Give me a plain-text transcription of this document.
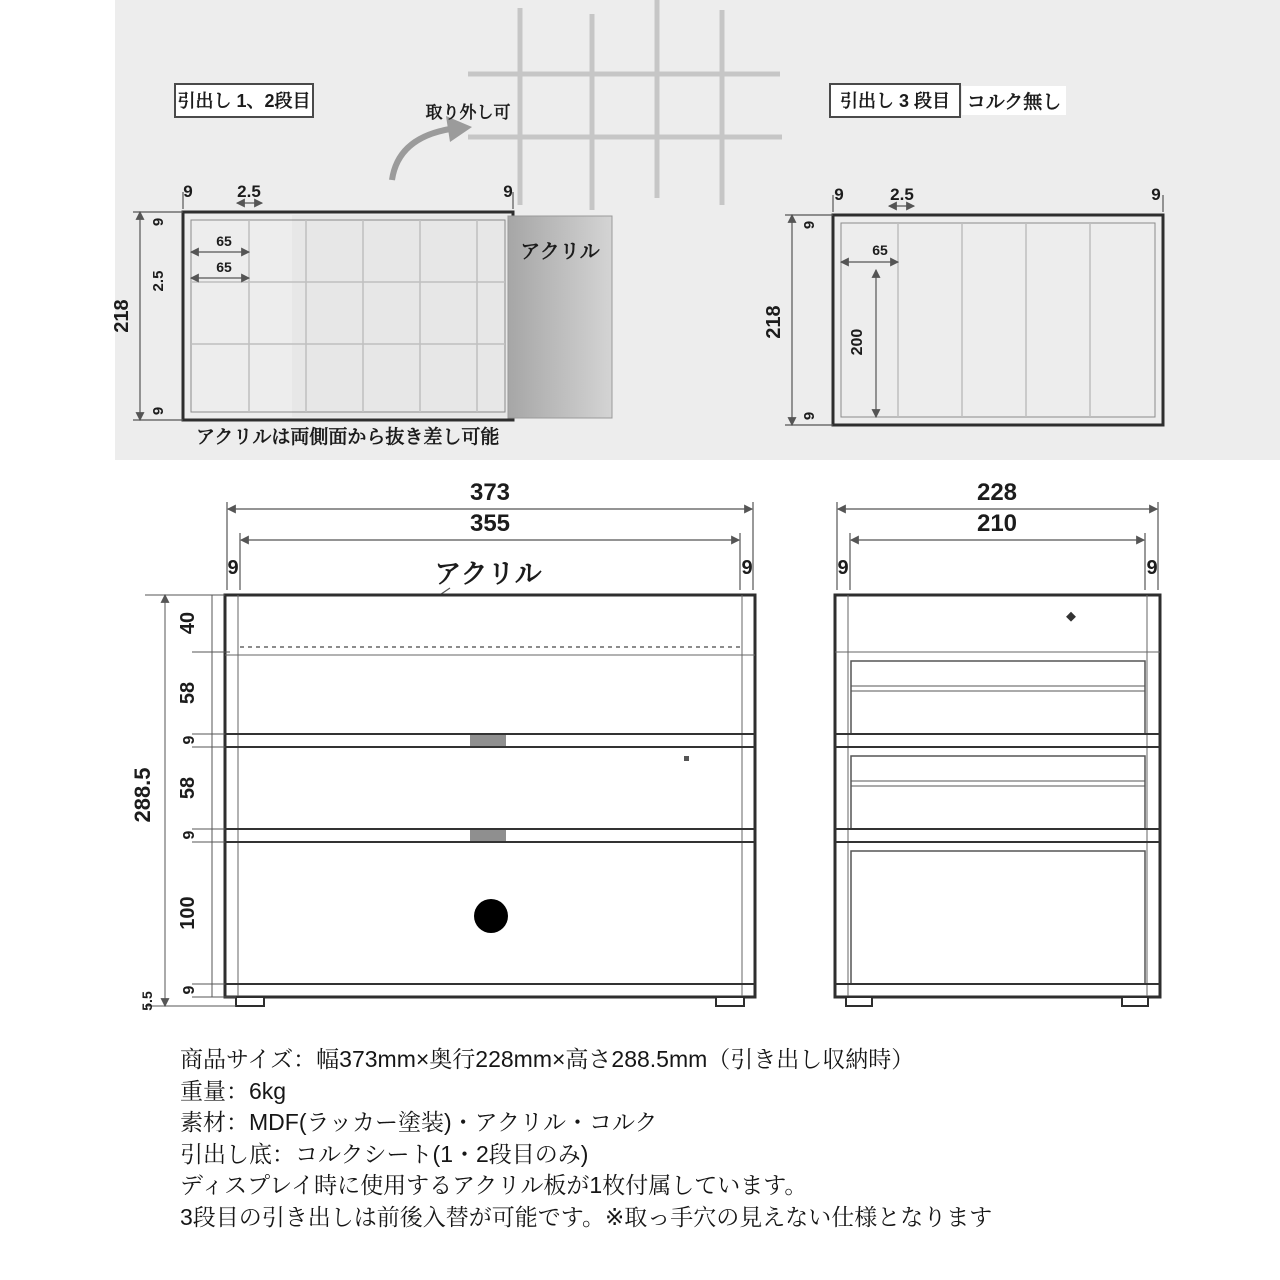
取り外し可
引出し 1、2段目	引出し 3 段目 コルク無し
アクリル
9	2.5	9
9
2.5
218
9
65
65
アクリルは両側面から抜き差し可能
9	2.5	9
9
218
9
65
200
373
355
9	9
アクリル
288.5
40
58
9
58
9
100
9
5.5
228
210
9	9
商品サイズ：幅373mm×奥行228mm×高さ288.5mm（引き出し収納時）
重量：6kg
素材：MDF(ラッカー塗装)・アクリル・コルク
引出し底：コルクシート(1・2段目のみ)
ディスプレイ時に使用するアクリル板が1枚付属しています。
3段目の引き出しは前後入替が可能です。※取っ手穴の見えない仕様となります
